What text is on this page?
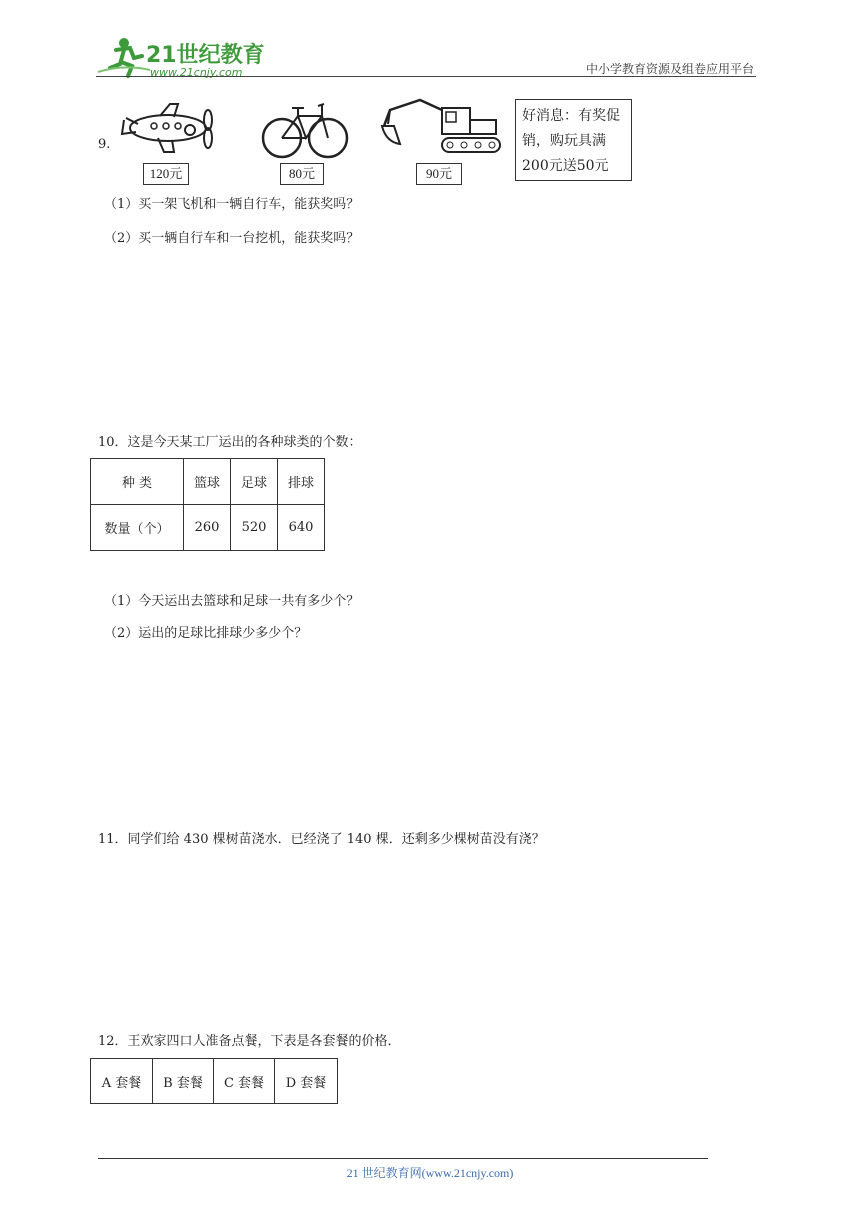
21世纪教育
www.21cnjy.com	中小学教育资源及组卷应用平台
9.
120元	80元	90元
好消息：有奖促
销，购玩具满
200元送50元
（1）买一架飞机和一辆自行车，能获奖吗？
（2）买一辆自行车和一台挖机，能获奖吗？
10．这是今天某工厂运出的各种球类的个数：
种 类	篮球	足球	排球
数量（个）	260	520	640
（1）今天运出去篮球和足球一共有多少个？
（2）运出的足球比排球少多少个？
11．同学们给 430 棵树苗浇水．已经浇了 140 棵．还剩多少棵树苗没有浇？
12．王欢家四口人准备点餐，下表是各套餐的价格．
A 套餐	B 套餐	C 套餐	D 套餐
21 世纪教育网(www.21cnjy.com)
